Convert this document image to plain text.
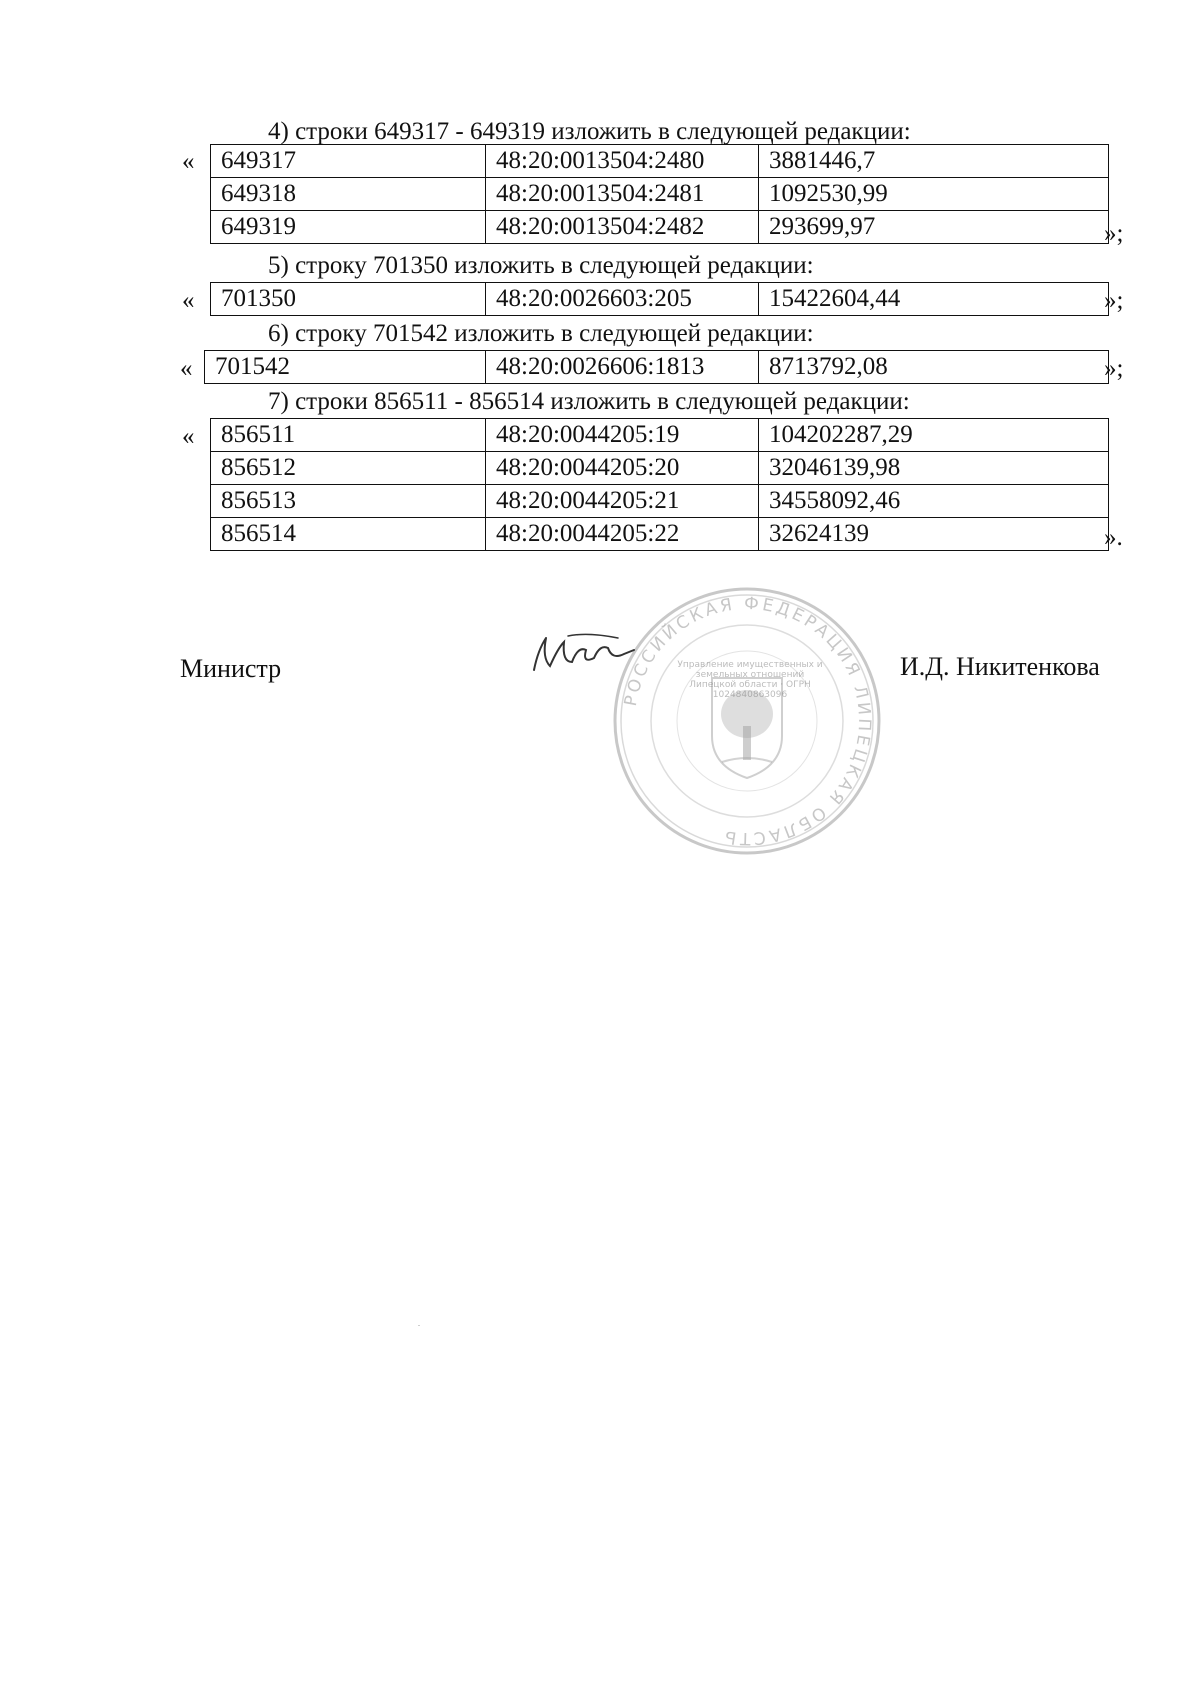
4) строки 649317 - 649319 изложить в следующей редакции:
« 649317	48:20:0013504:2480	3881446,7
649318	48:20:0013504:2481	1092530,99
649319	48:20:0013504:2482	293699,97	»;
5) строку 701350 изложить в следующей редакции:
« 701350	48:20:0026603:205	15422604,44	»;
6) строку 701542 изложить в следующей редакции:
« 701542	48:20:0026606:1813	8713792,08	»;
7) строки 856511 - 856514 изложить в следующей редакции:
« 856511	48:20:0044205:19	104202287,29
856512	48:20:0044205:20	32046139,98
856513	48:20:0044205:21	34558092,46
856514	48:20:0044205:22	32624139	».
РОССИЙСКАЯ ФЕДЕРАЦИЯ ЛИПЕЦКАЯ ОБЛАСТЬ
Управление имущественных и земельных отношений Липецкой области · ОГРН 1024840863096
Министр	И.Д. Никитенкова
